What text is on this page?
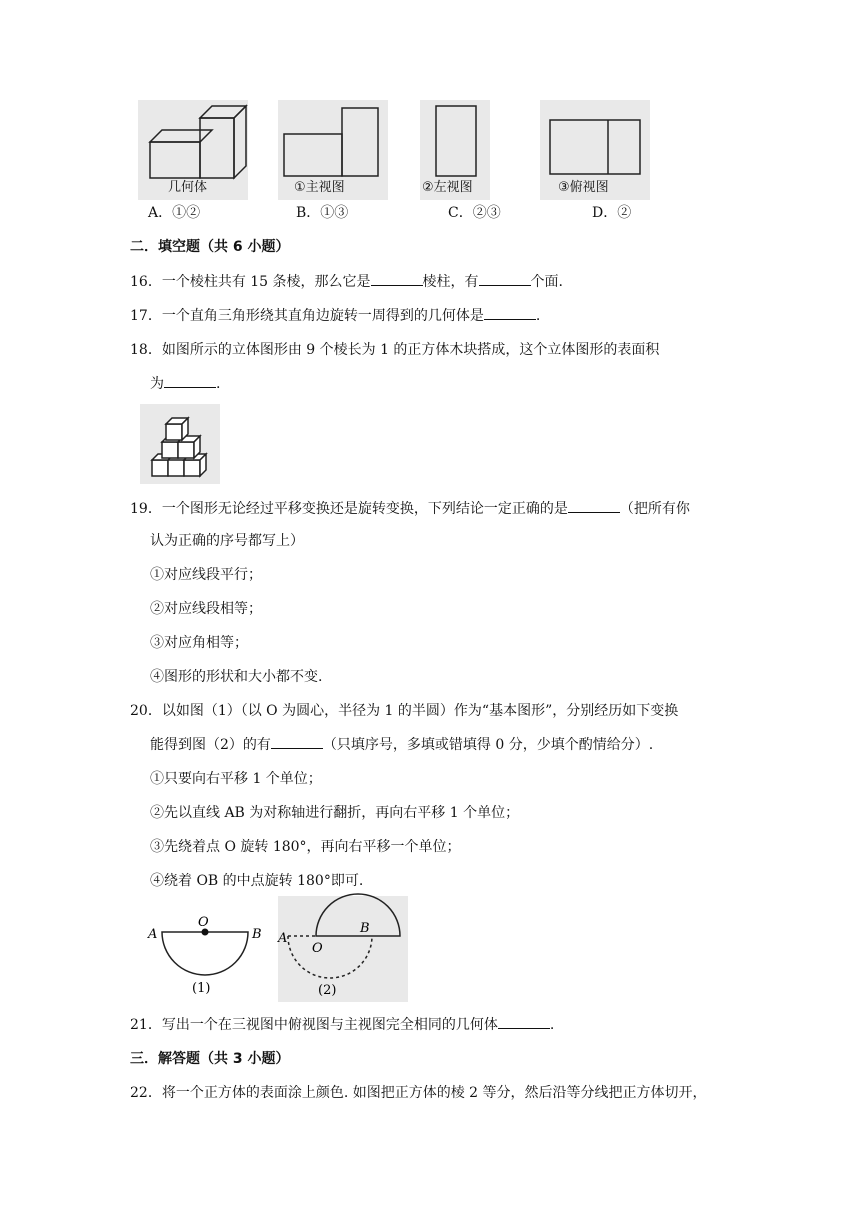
几何体	①主视图	②左视图	③俯视图
A．①②	B．①③	C．②③	D．②
二．填空题（共 6 小题）
16．一个棱柱共有 15 条棱，那么它是	棱柱，有	个面.
17．一个直角三角形绕其直角边旋转一周得到的几何体是	.
18．如图所示的立体图形由 9 个棱长为 1 的正方体木块搭成，这个立体图形的表面积
为	.
19．一个图形无论经过平移变换还是旋转变换，下列结论一定正确的是	（把所有你
认为正确的序号都写上）
①对应线段平行；
②对应线段相等；
③对应角相等；
④图形的形状和大小都不变.
20．以如图（1）（以 O 为圆心，半径为 1 的半圆）作为“基本图形”，分别经历如下变换
能得到图（2）的有	（只填序号，多填或错填得 0 分，少填个酌情给分）.
①只要向右平移 1 个单位；
②先以直线 AB 为对称轴进行翻折，再向右平移 1 个单位；
③先绕着点 O 旋转 180°，再向右平移一个单位；
④绕着 OB 的中点旋转 180°即可.
A
O
B
(1)
A
O
B
(2)
21．写出一个在三视图中俯视图与主视图完全相同的几何体	.
三．解答题（共 3 小题）
22．将一个正方体的表面涂上颜色. 如图把正方体的棱 2 等分，然后沿等分线把正方体切开，
